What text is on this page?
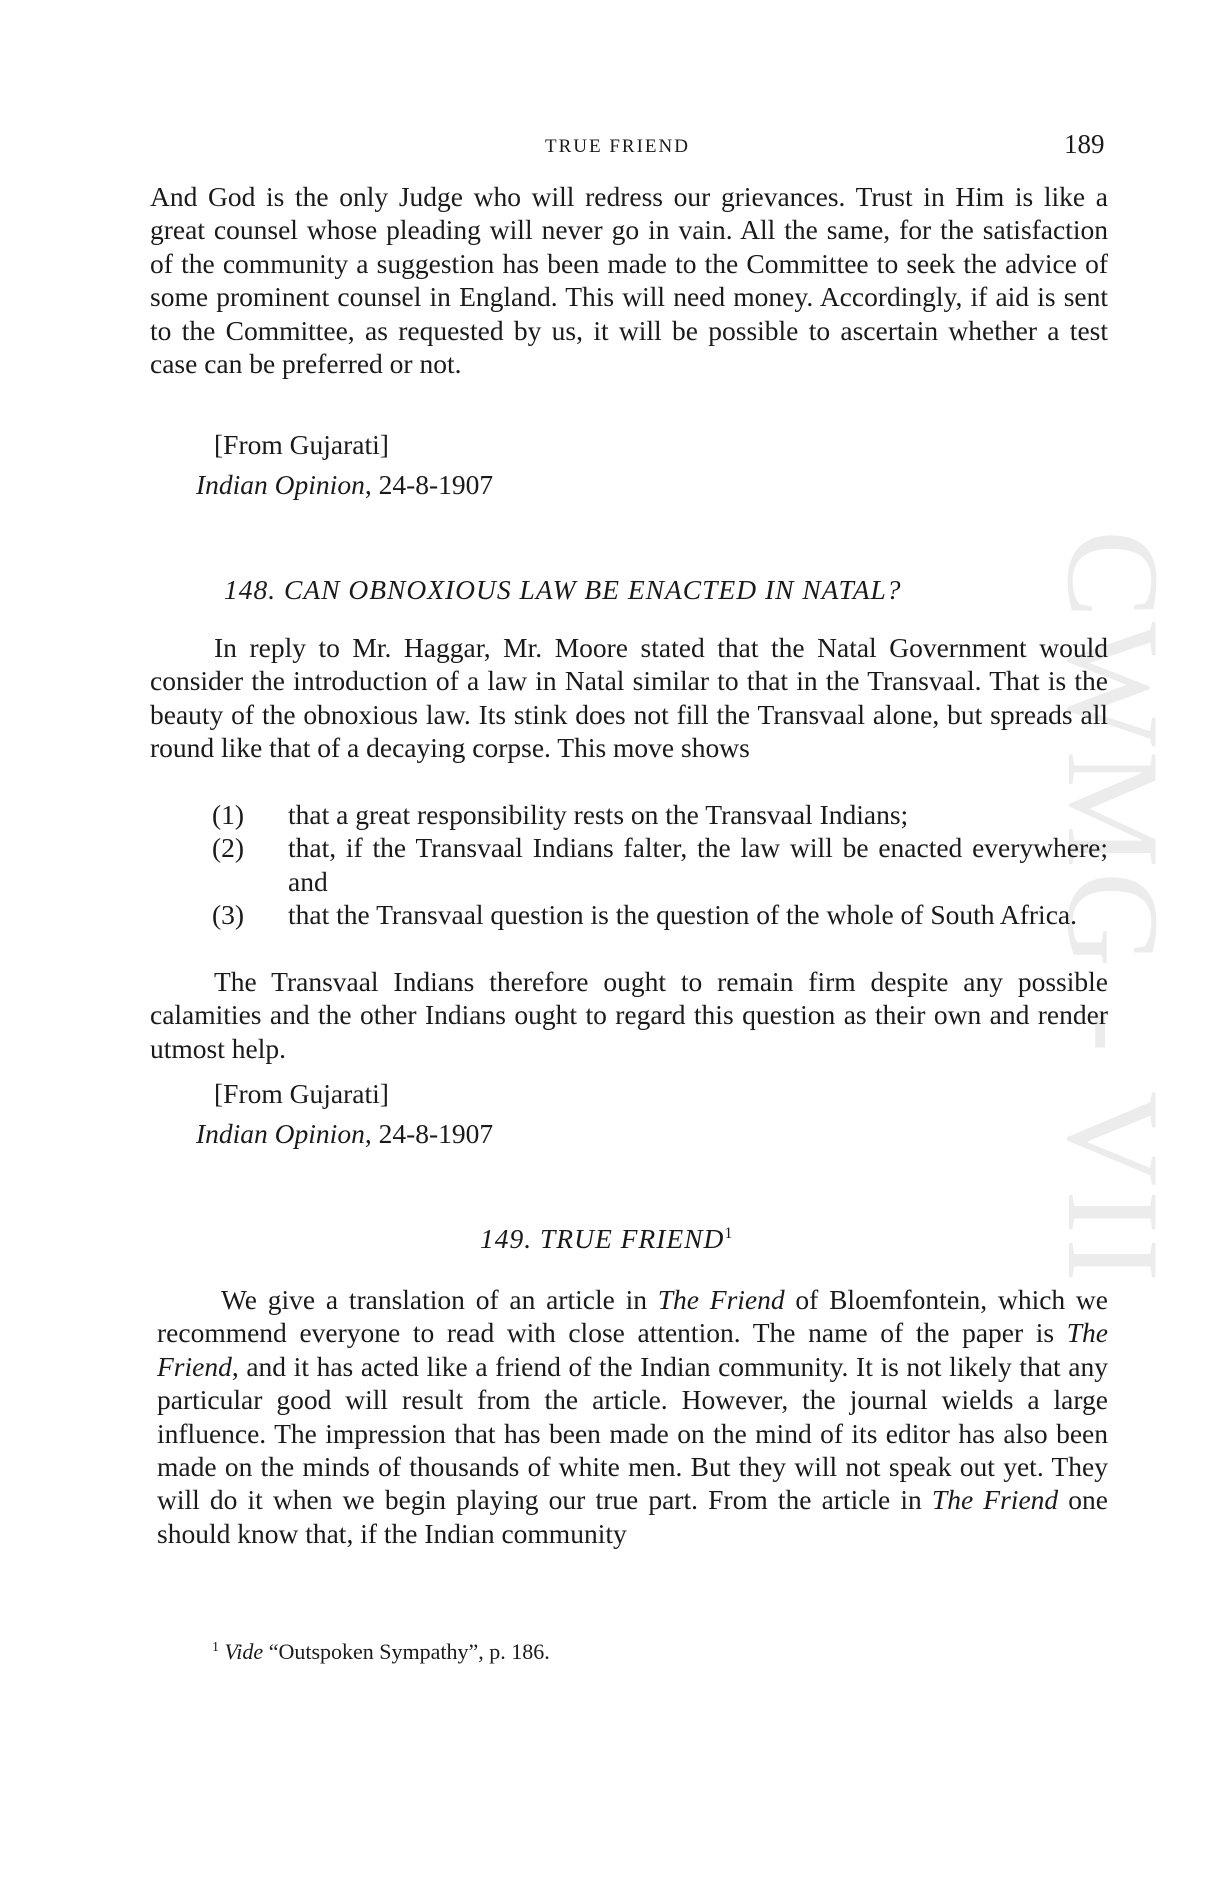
CWMG - VII
TRUE FRIEND	189

And God is the only Judge who will redress our grievances. Trust in Him is like a great counsel whose pleading will never go in vain. All the same, for the satisfaction of the community a suggestion has been made to the Committee to seek the advice of some prominent counsel in England. This will need money. Accordingly, if aid is sent to the Committee, as requested by us, it will be possible to ascertain whether a test case can be preferred or not.

[From Gujarati]
Indian Opinion, 24-8-1907
148. CAN OBNOXIOUS LAW BE ENACTED IN NATAL?

In reply to Mr. Haggar, Mr. Moore stated that the Natal Government would consider the introduction of a law in Natal similar to that in the Transvaal. That is the beauty of the obnoxious law. Its stink does not fill the Transvaal alone, but spreads all round like that of a decaying corpse. This move shows

(1) that a great responsibility rests on the Transvaal Indians;
(2) that, if the Transvaal Indians falter, the law will be enacted everywhere; and
(3) that the Transvaal question is the question of the whole of South Africa.

The Transvaal Indians therefore ought to remain firm despite any possible calamities and the other Indians ought to regard this question as their own and render utmost help.

[From Gujarati]
Indian Opinion, 24-8-1907
149. TRUE FRIEND$^1$

We give a translation of an article in The Friend of Bloemfontein, which we recommend everyone to read with close attention. The name of the paper is The Friend, and it has acted like a friend of the Indian community. It is not likely that any particular good will result from the article. However, the journal wields a large influence. The impression that has been made on the mind of its editor has also been made on the minds of thousands of white men. But they will not speak out yet. They will do it when we begin playing our true part. From the article in The Friend one should know that, if the Indian community

$^1$ Vide “Outspoken Sympathy”, p. 186.
